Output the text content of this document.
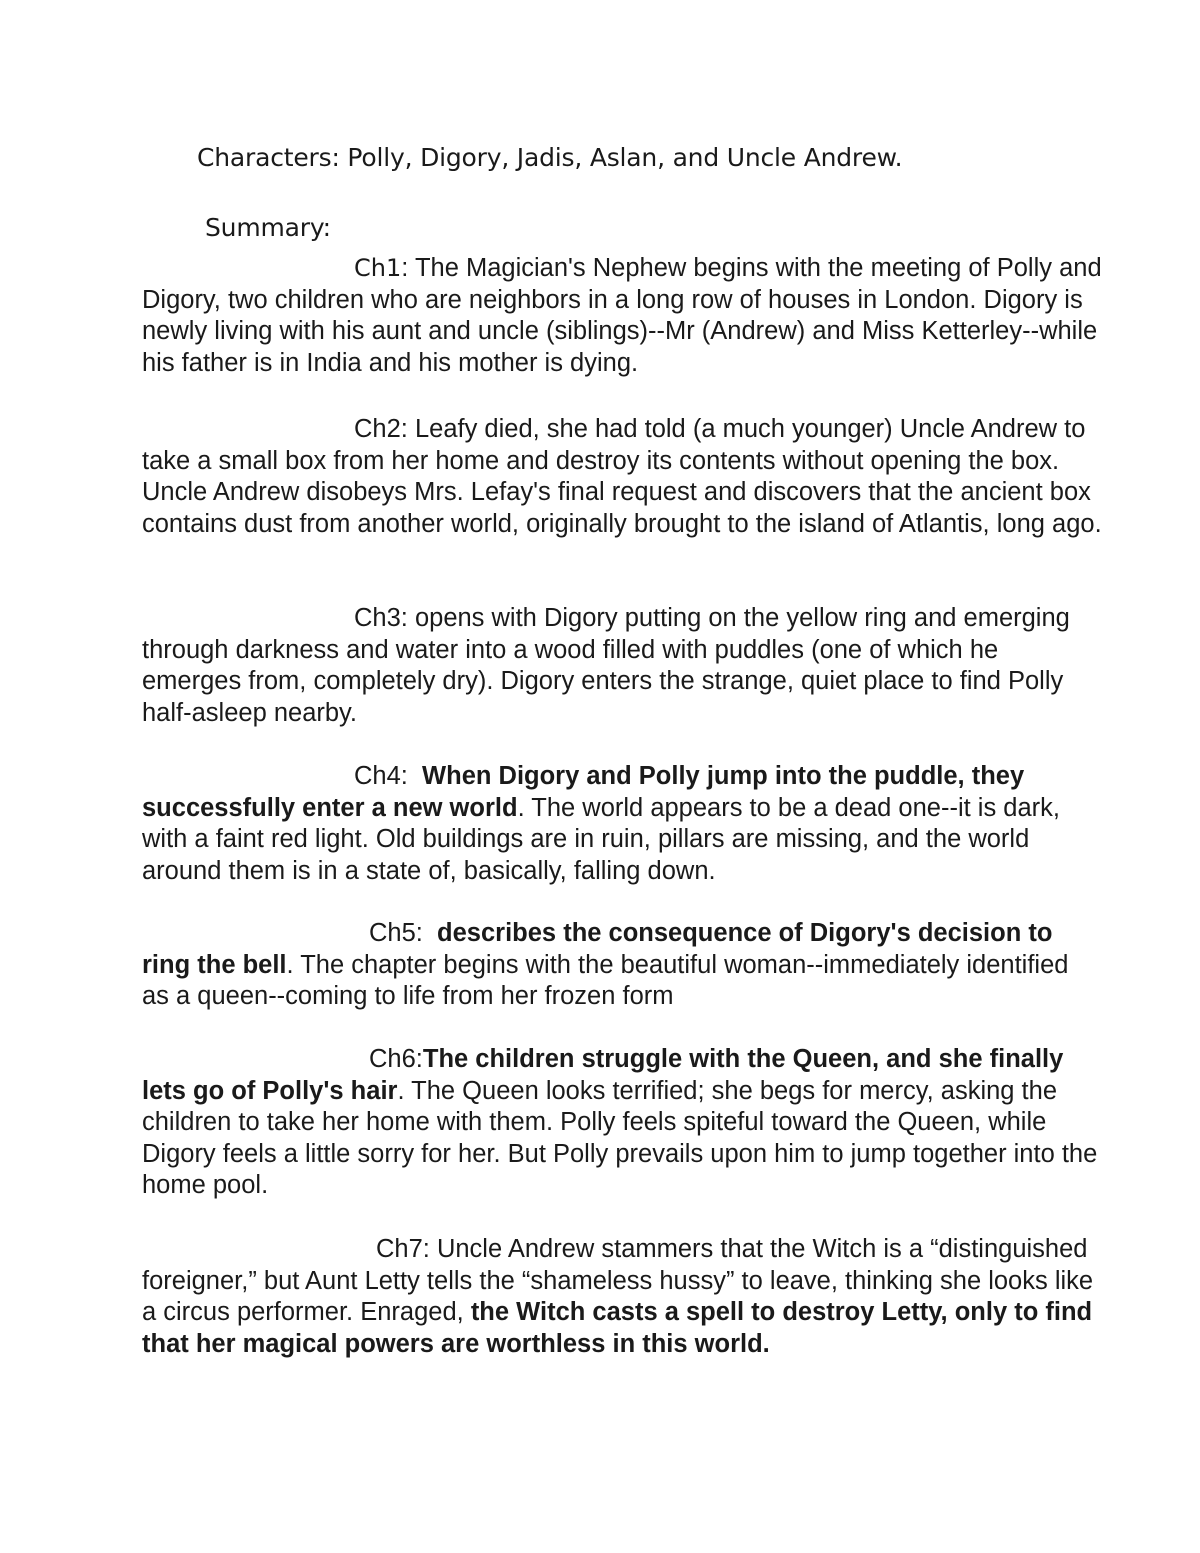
Characters: Polly, Digory, Jadis, Aslan, and Uncle Andrew.

Summary:

Ch1: The Magician's Nephew begins with the meeting of Polly and Digory, two children who are neighbors in a long row of houses in London. Digory is newly living with his aunt and uncle (siblings)--Mr (Andrew) and Miss Ketterley--while his father is in India and his mother is dying.

Ch2: Leafy died, she had told (a much younger) Uncle Andrew to take a small box from her home and destroy its contents without opening the box. Uncle Andrew disobeys Mrs. Lefay's final request and discovers that the ancient box contains dust from another world, originally brought to the island of Atlantis, long ago.

Ch3: opens with Digory putting on the yellow ring and emerging through darkness and water into a wood filled with puddles (one of which he emerges from, completely dry). Digory enters the strange, quiet place to find Polly half-asleep nearby.

Ch4:  When Digory and Polly jump into the puddle, they successfully enter a new world. The world appears to be a dead one--it is dark, with a faint red light. Old buildings are in ruin, pillars are missing, and the world around them is in a state of, basically, falling down.

Ch5:  describes the consequence of Digory's decision to ring the bell. The chapter begins with the beautiful woman--immediately identified as a queen--coming to life from her frozen form

Ch6:The children struggle with the Queen, and she finally lets go of Polly's hair. The Queen looks terrified; she begs for mercy, asking the children to take her home with them. Polly feels spiteful toward the Queen, while Digory feels a little sorry for her. But Polly prevails upon him to jump together into the home pool.

Ch7: Uncle Andrew stammers that the Witch is a “distinguished foreigner,” but Aunt Letty tells the “shameless hussy” to leave, thinking she looks like a circus performer. Enraged, the Witch casts a spell to destroy Letty, only to find that her magical powers are worthless in this world.
